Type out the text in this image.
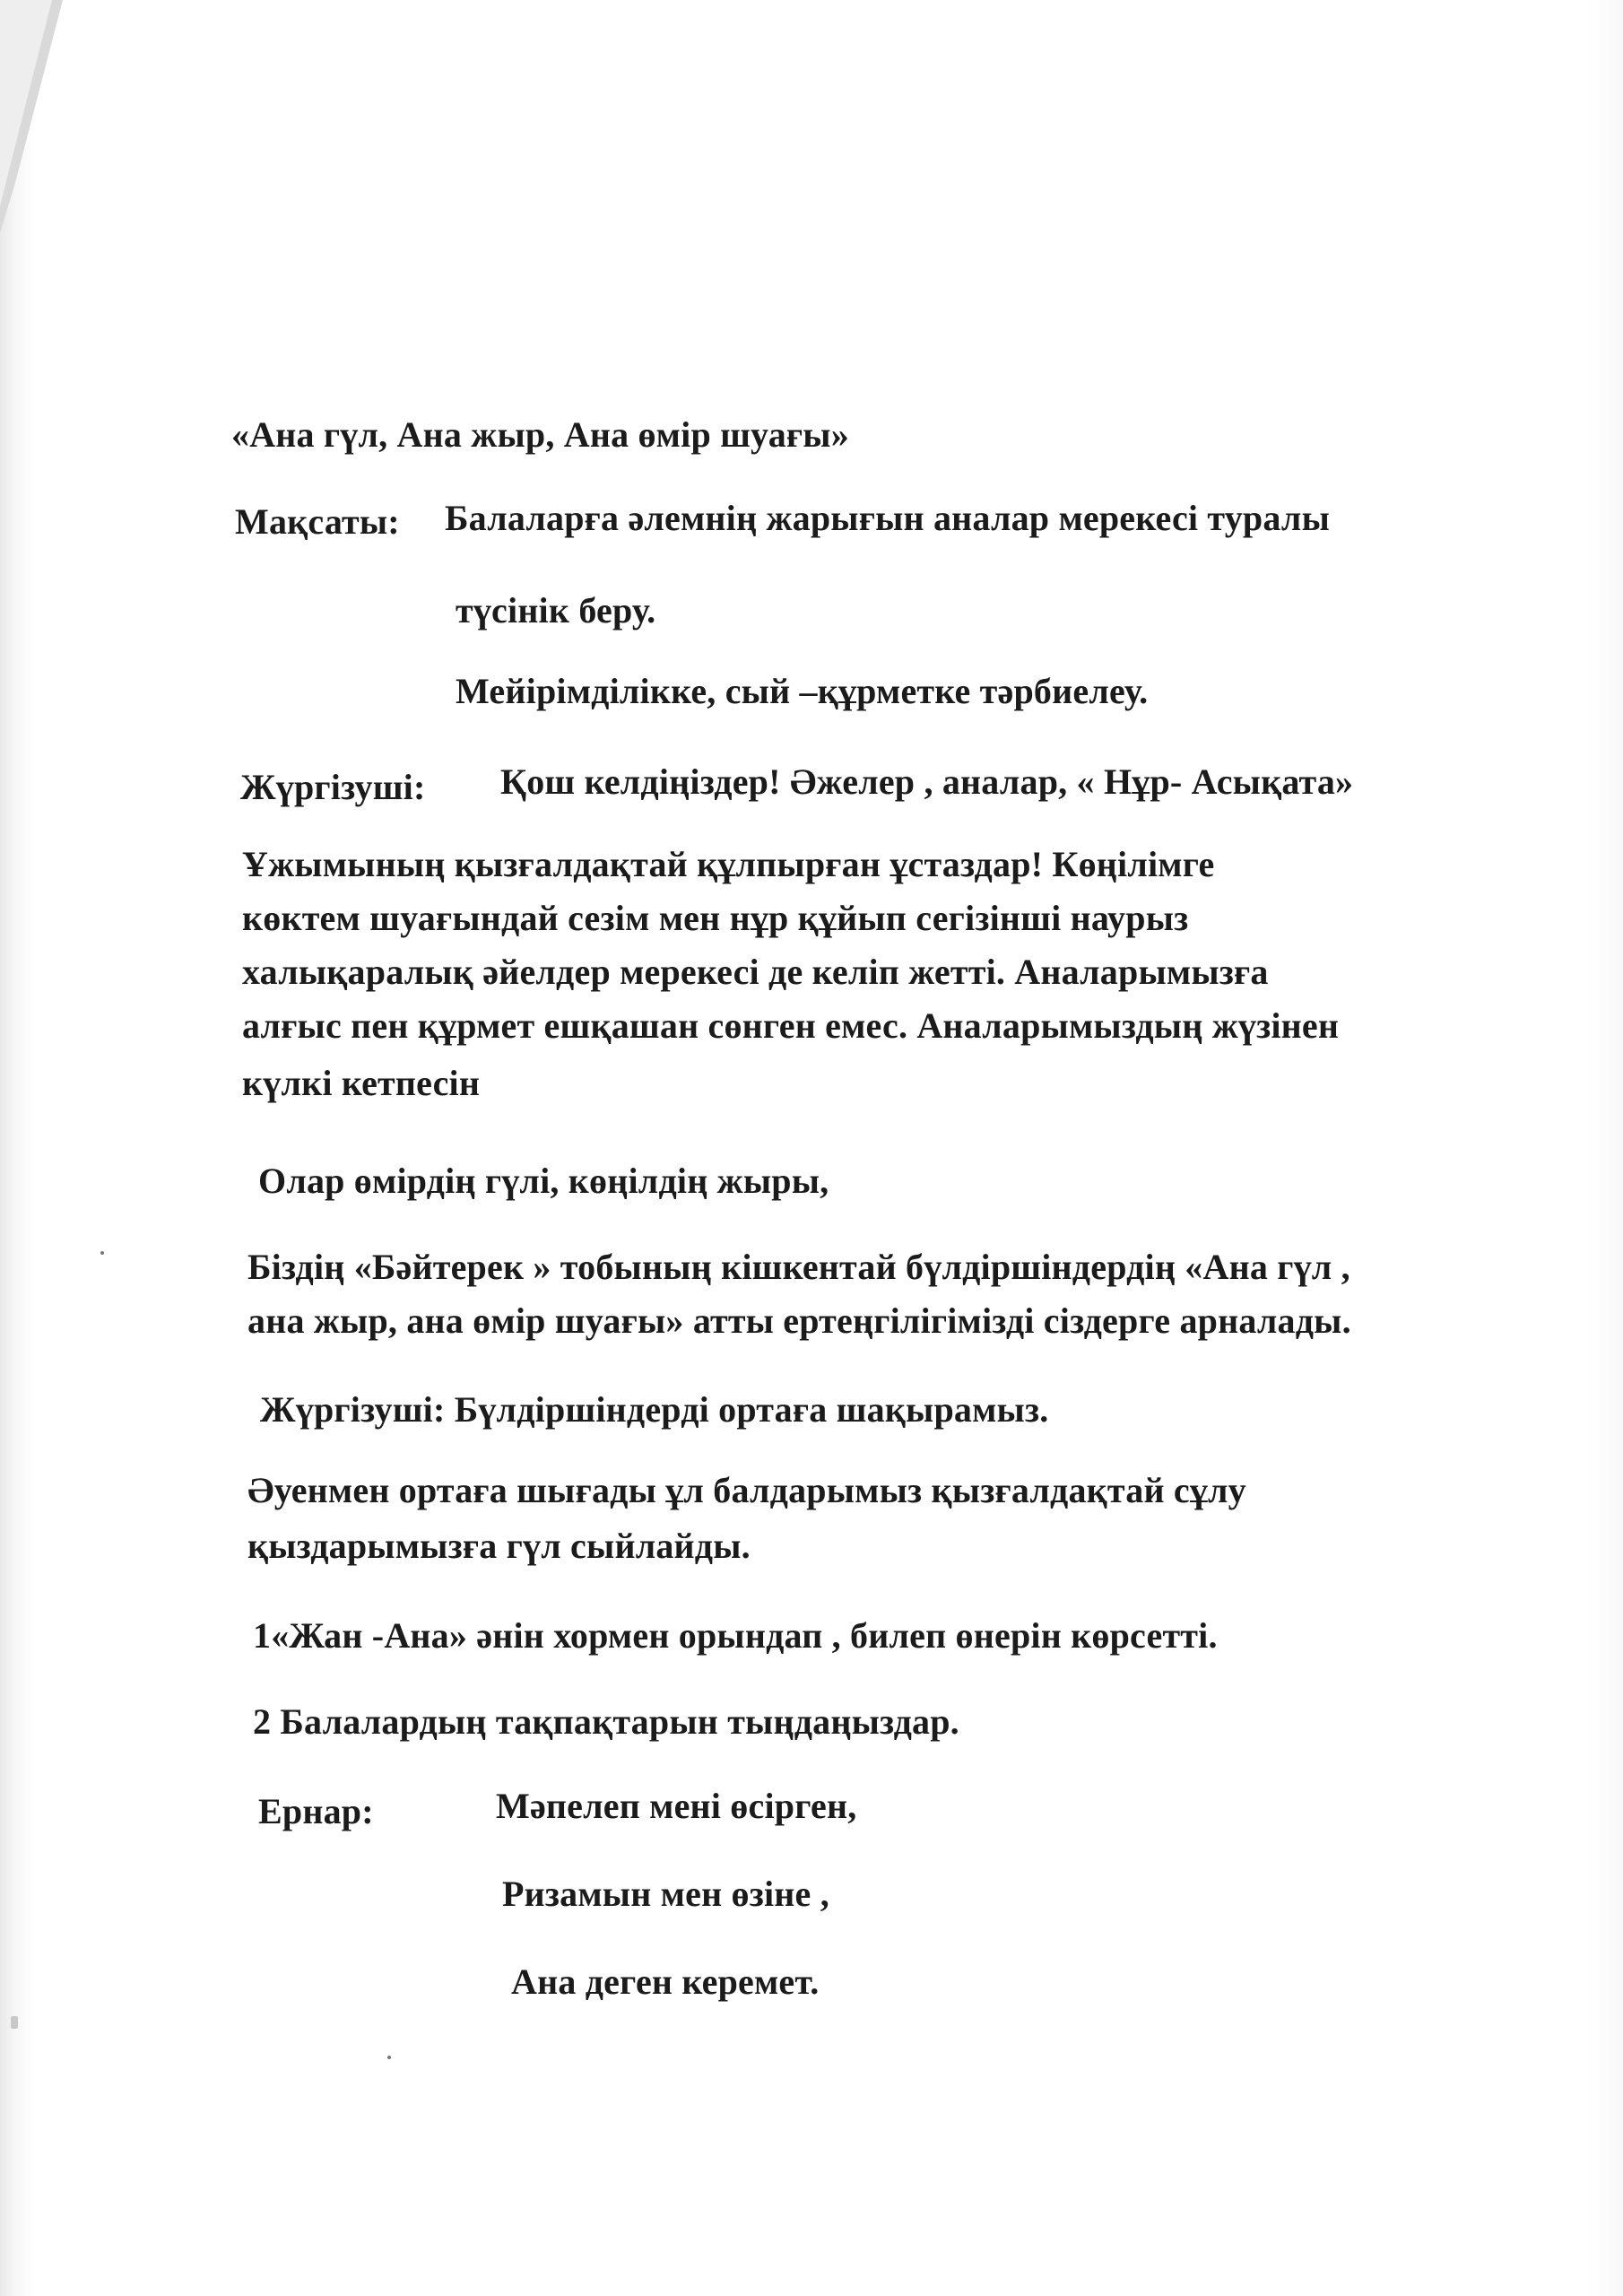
«Ана гүл, Ана жыр, Ана өмір шуағы»
Мақсаты: Балаларға әлемнің жарығын аналар мерекесі туралы
түсінік беру.
Мейірімділікке, сый –құрметке тәрбиелеу.
Жүргізуші: Қош келдіңіздер! Әжелер , аналар, « Нұр- Асықата»
Ұжымының қызғалдақтай құлпырған ұстаздар! Көңілімге
көктем шуағындай сезім мен нұр құйып сегізінші наурыз
халықаралық әйелдер мерекесі де келіп жетті. Аналарымызға
алғыс пен құрмет ешқашан сөнген емес. Аналарымыздың жүзінен
күлкі кетпесін
Олар өмірдің гүлі, көңілдің жыры,
Біздің «Бәйтерек » тобының кішкентай бүлдіршіндердің «Ана гүл ,
ана жыр, ана өмір шуағы» атты ертеңгілігімізді сіздерге арналады.
Жүргізуші: Бүлдіршіндерді ортаға шақырамыз.
Әуенмен ортаға шығады ұл балдарымыз қызғалдақтай сұлу
қыздарымызға гүл сыйлайды.
1«Жан -Ана» әнін хормен орындап , билеп өнерін көрсетті.
2 Балалардың тақпақтарын тыңдаңыздар.
Ернар:	Мәпелеп мені өсірген,
Ризамын мен өзіне ,
Ана деген керемет.
